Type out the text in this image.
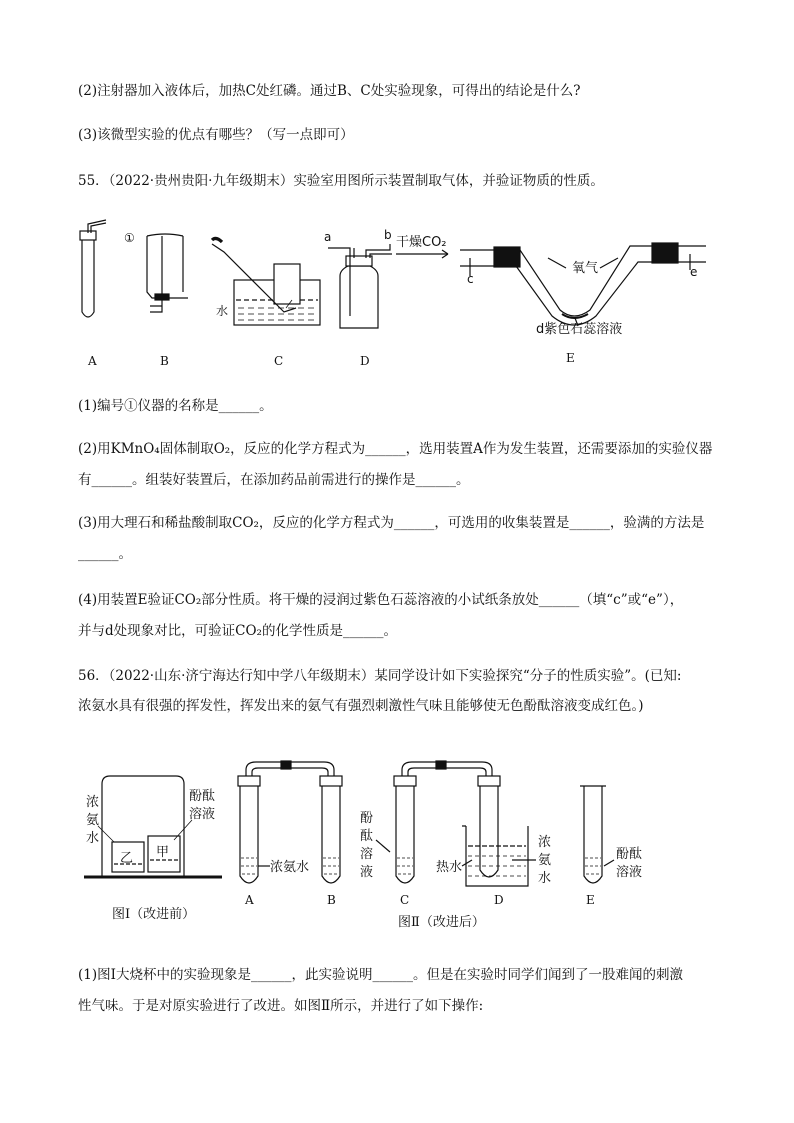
(2)注射器加入液体后，加热C处红磷。通过B、C处实验现象，可得出的结论是什么?
(3)该微型实验的优点有哪些？（写一点即可）
55．（2022·贵州贵阳·九年级期末）实验室用图所示装置制取气体，并验证物质的性质。
(1)编号①仪器的名称是______。
(2)用KMnO₄固体制取O₂，反应的化学方程式为______，选用装置A作为发生装置，还需要添加的实验仪器
有______。组装好装置后，在添加药品前需进行的操作是______。
(3)用大理石和稀盐酸制取CO₂，反应的化学方程式为______，可选用的收集装置是______，验满的方法是
______。
(4)用装置E验证CO₂部分性质。将干燥的浸润过紫色石蕊溶液的小试纸条放处______（填“c”或“e”），
并与d处现象对比，可验证CO₂的化学性质是______。
56．（2022·山东·济宁海达行知中学八年级期末）某同学设计如下实验探究“分子的性质实验”。(已知:
浓氨水具有很强的挥发性，挥发出来的氨气有强烈刺激性气味且能够使无色酚酞溶液变成红色。)
(1)图Ⅰ大烧杯中的实验现象是______，此实验说明______。但是在实验时同学们闻到了一股难闻的刺激
性气味。于是对原实验进行了改进。如图Ⅱ所示，并进行了如下操作:
①
水
a	b 干燥CO₂
氧气
c	e
d紫色石蕊溶液
A	B	C	D	E
浓
氨
水
酚酞
溶液
乙 甲
浓氨水
酚
酞
溶
液	热水
浓
氨
水
酚酞
溶液
A	B	C	D	E
图Ⅰ（改进前）
图Ⅱ（改进后）
